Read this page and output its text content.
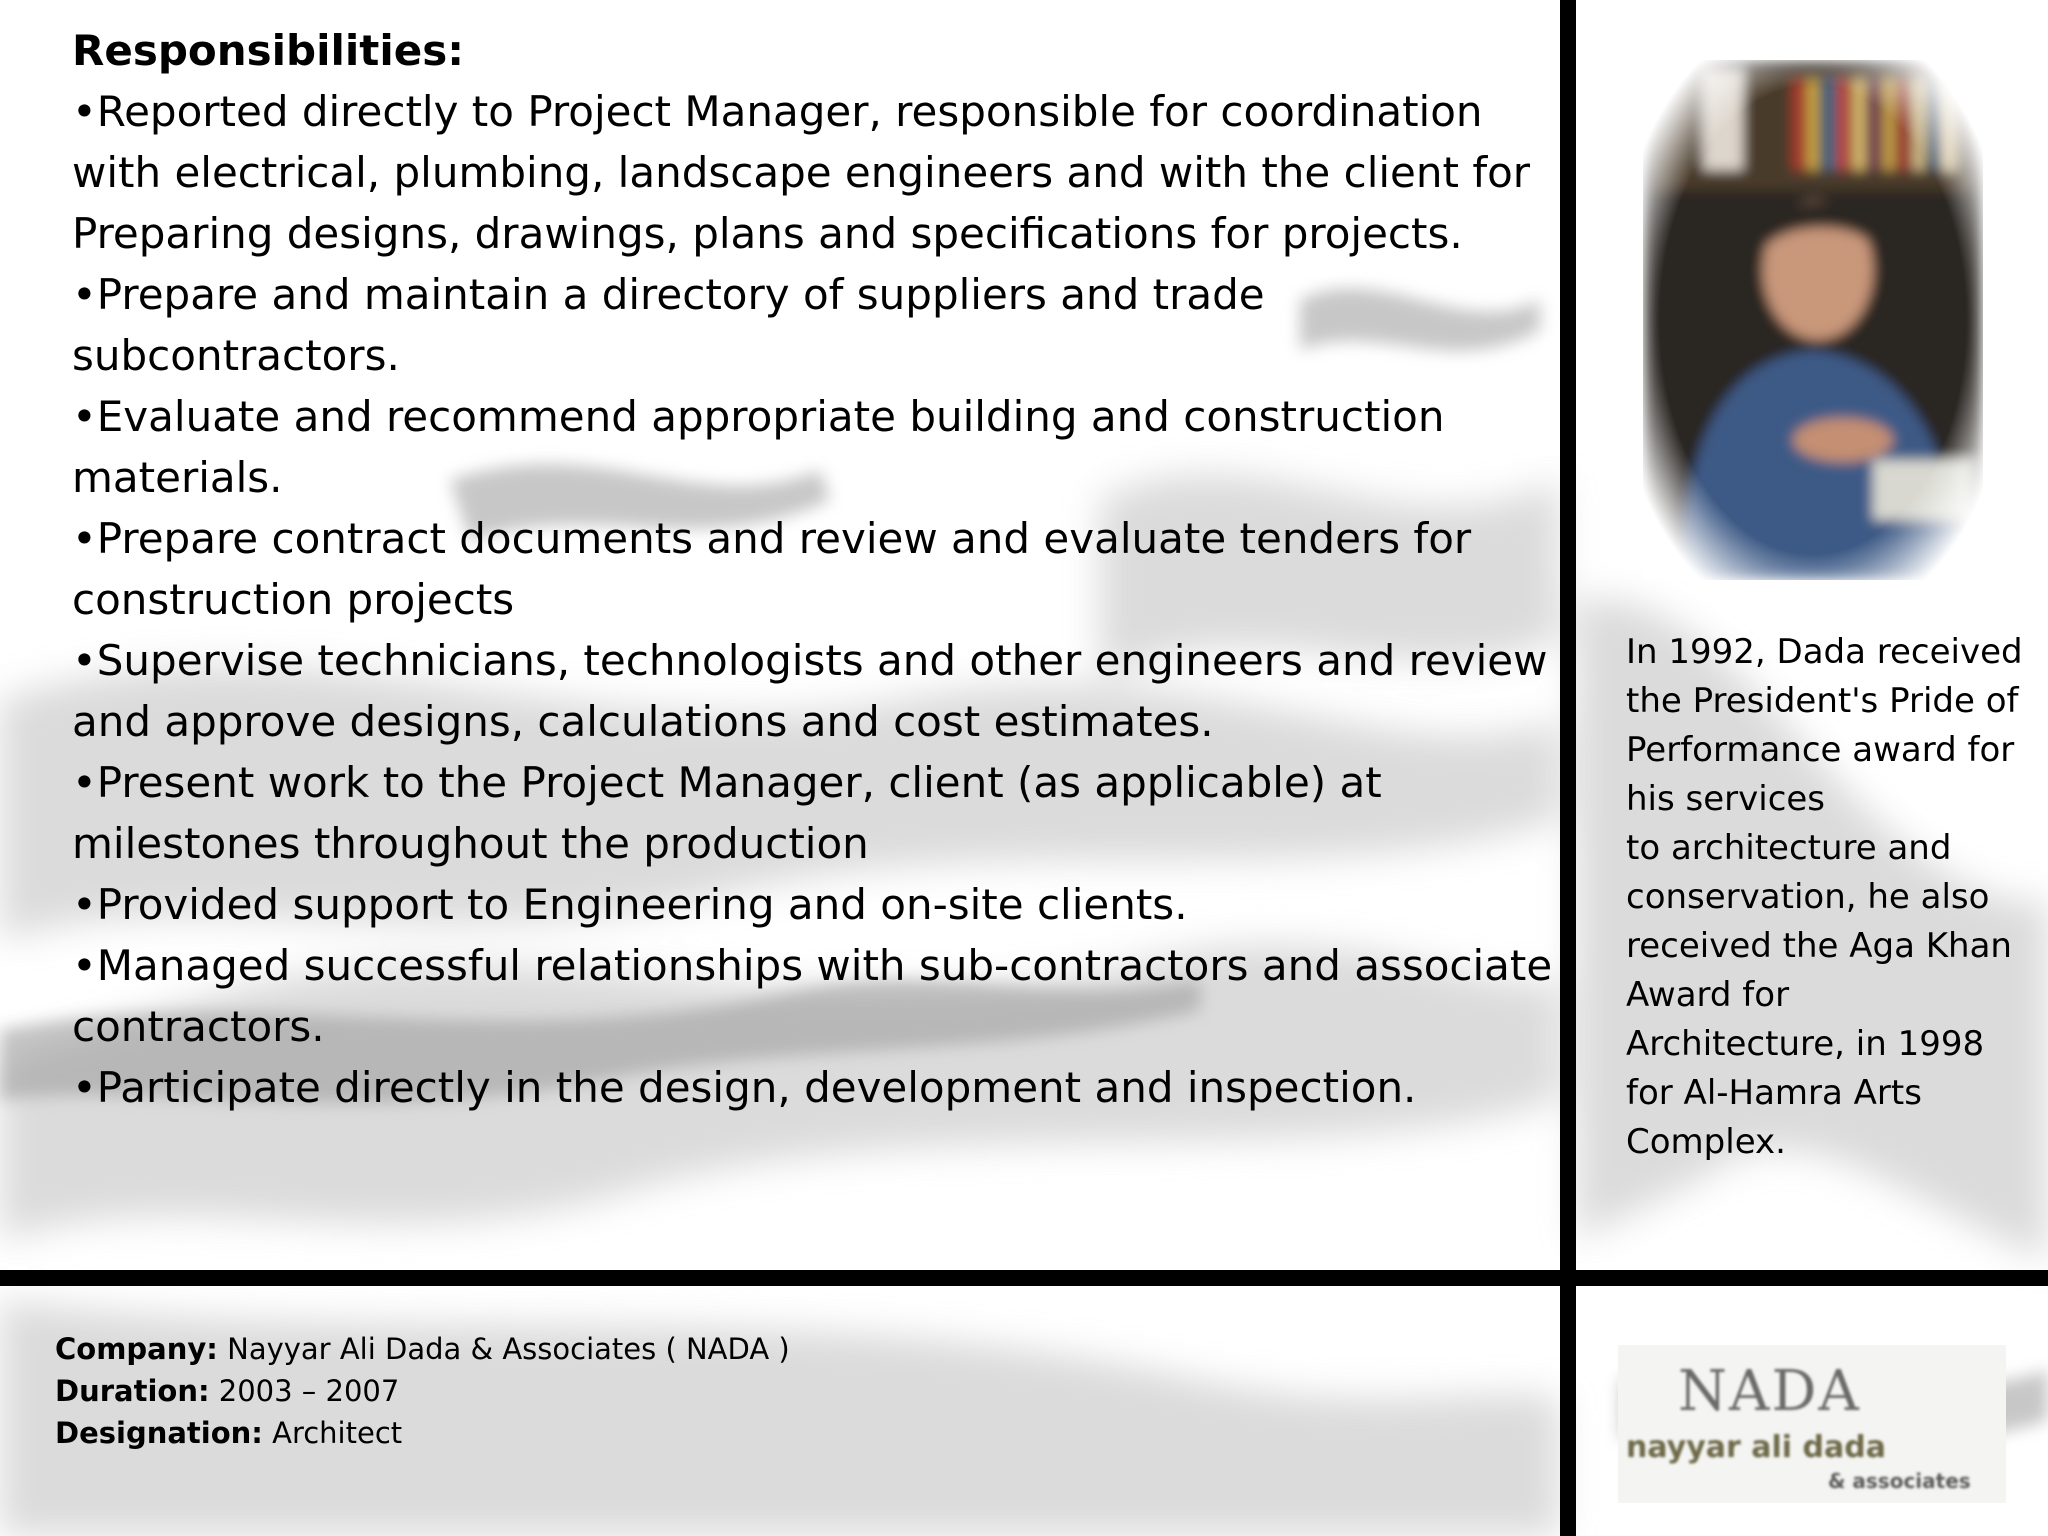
Responsibilities:
•Reported directly to Project Manager, responsible for coordination
with electrical, plumbing, landscape engineers and with the client for
Preparing designs, drawings, plans and specifications for projects.
•Prepare and maintain a directory of suppliers and trade
subcontractors.
•Evaluate and recommend appropriate building and construction
materials.
•Prepare contract documents and review and evaluate tenders for
construction projects
•Supervise technicians, technologists and other engineers and review
and approve designs, calculations and cost estimates.
•Present work to the Project Manager, client (as applicable) at
milestones throughout the production
•Provided support to Engineering and on-site clients.
•Managed successful relationships with sub-contractors and associate
contractors.
•Participate directly in the design, development and inspection.
In 1992, Dada received
the President's Pride of
Performance award for
his services
to architecture and
conservation, he also
received the Aga Khan
Award for
Architecture, in 1998
for Al-Hamra Arts
Complex.
Company: Nayyar Ali Dada & Associates ( NADA )
Duration: 2003 – 2007
Designation: Architect
NADA
nayyar ali dada
& associates
